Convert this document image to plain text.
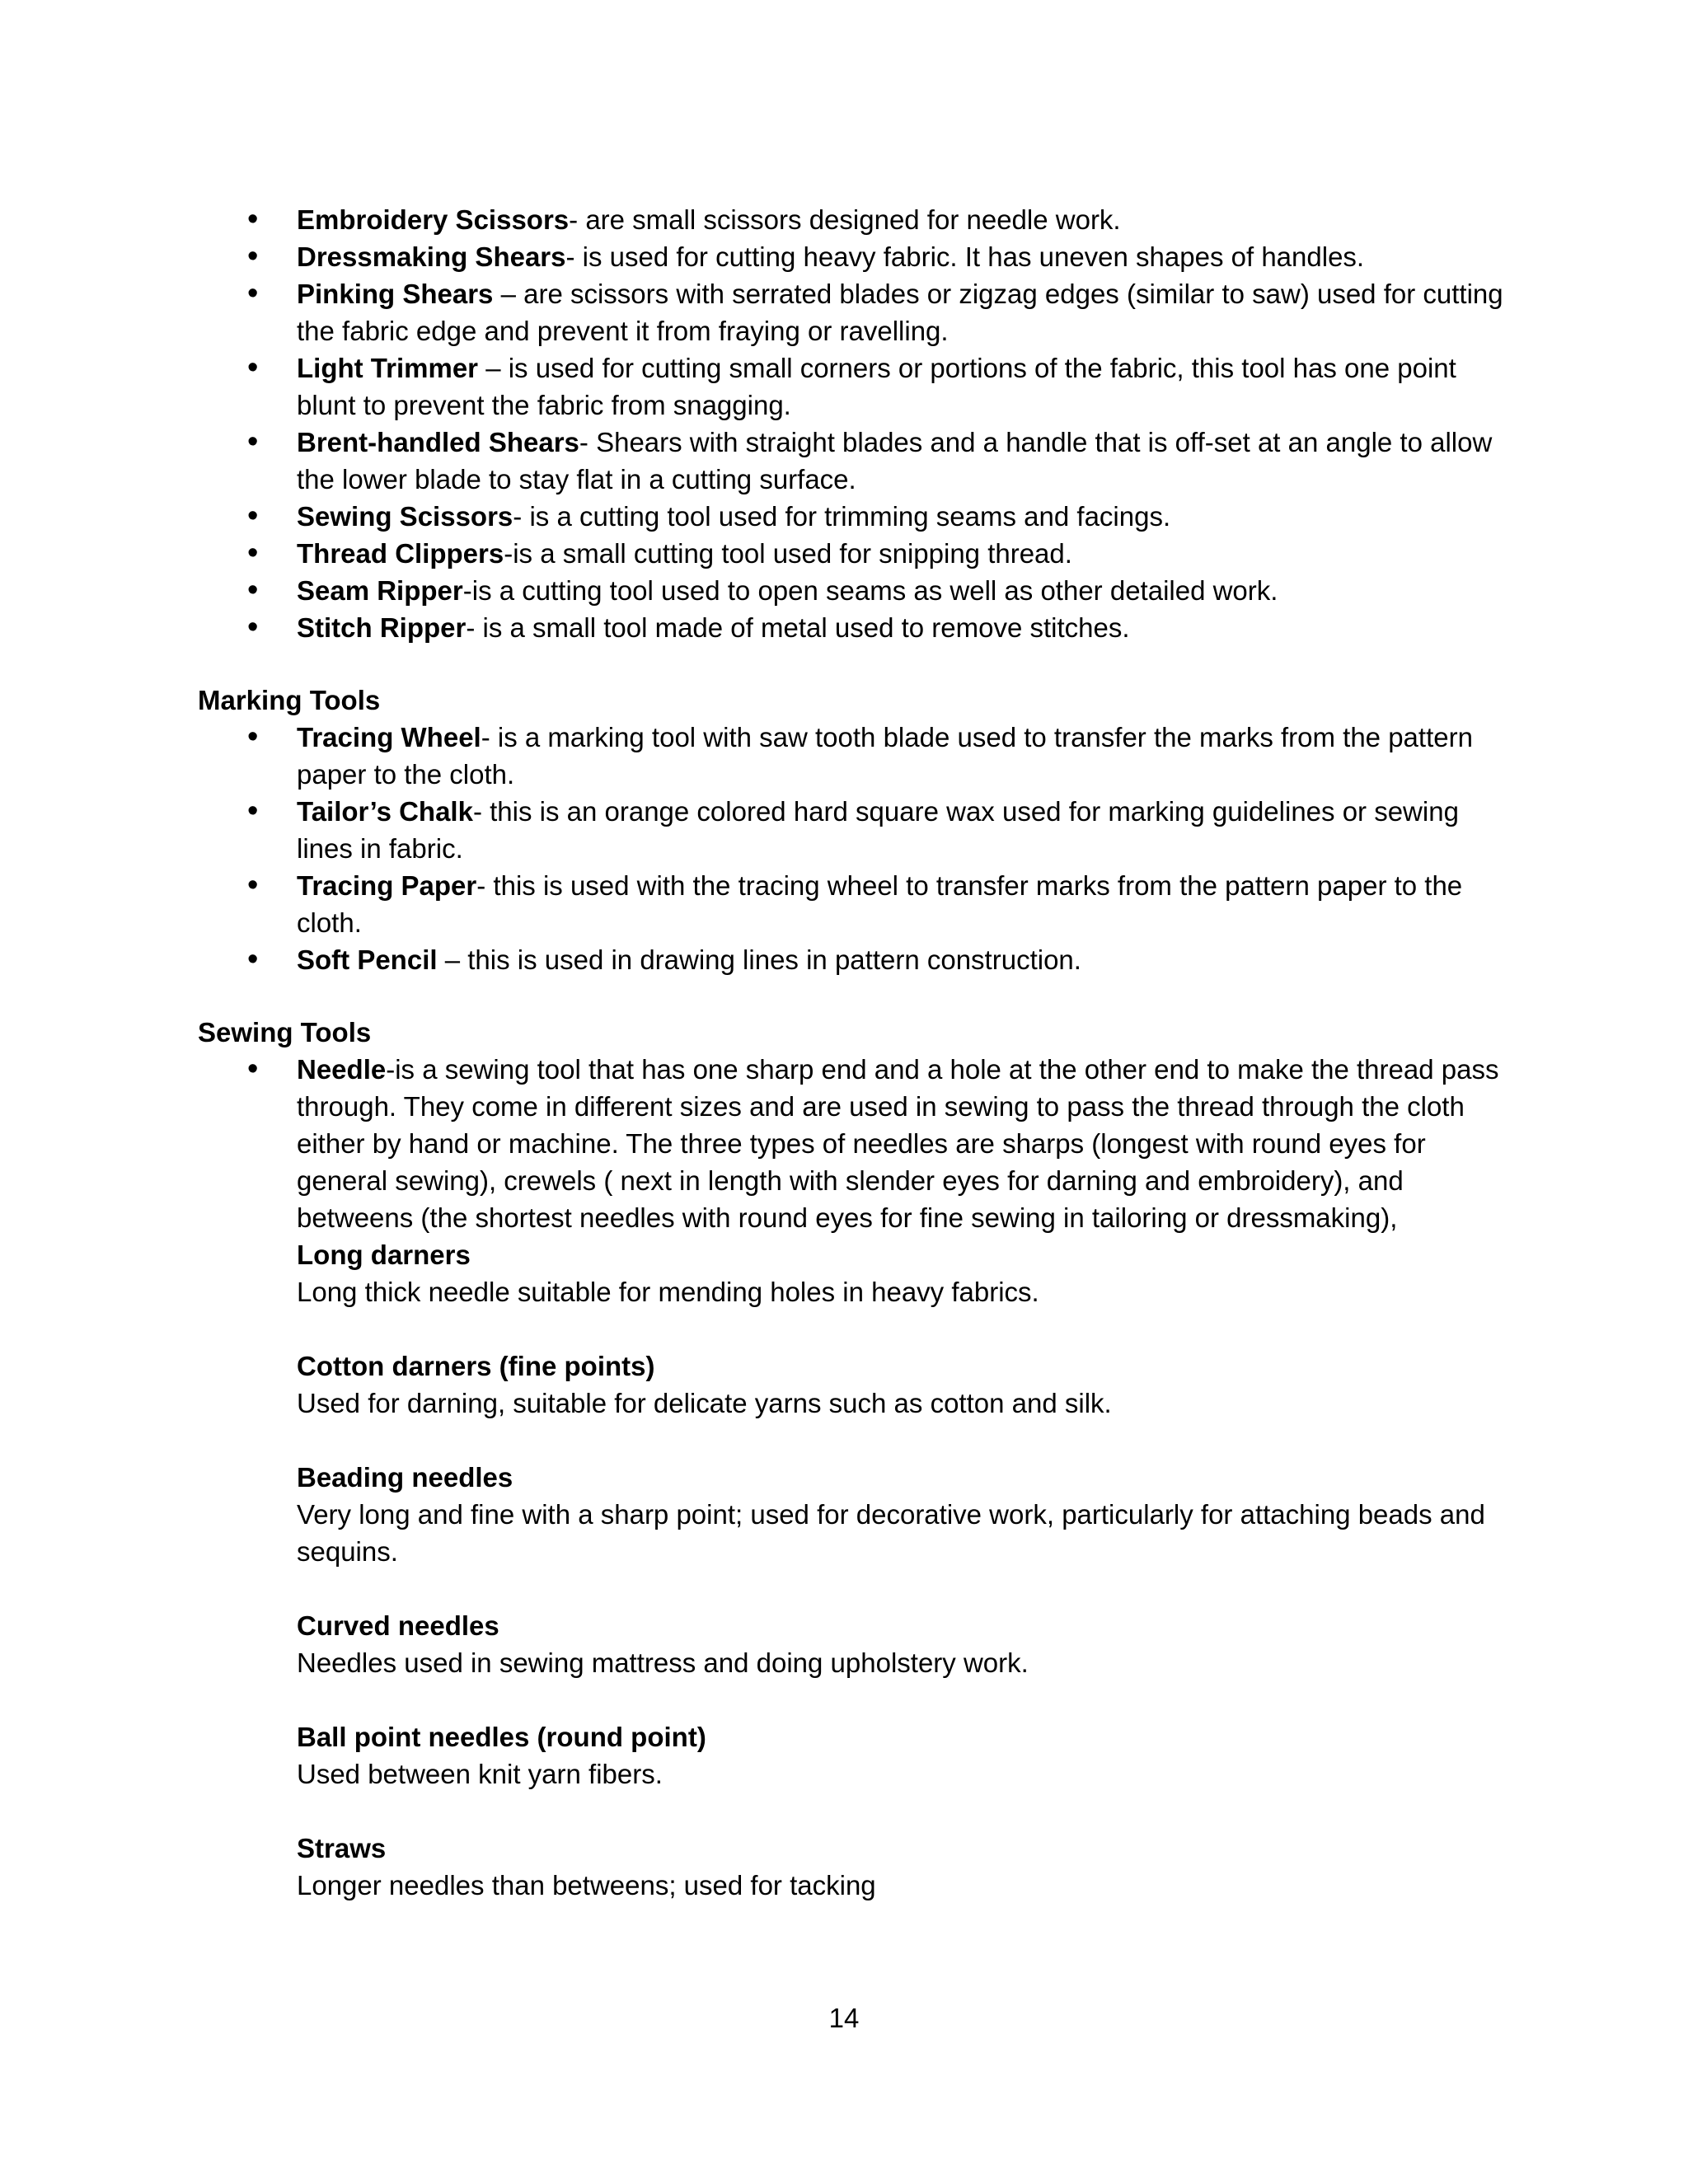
• Embroidery Scissors- are small scissors designed for needle work.
• Dressmaking Shears- is used for cutting heavy fabric. It has uneven shapes of handles.
• Pinking Shears – are scissors with serrated blades or zigzag edges (similar to saw) used for cutting the fabric edge and prevent it from fraying or ravelling.
• Light Trimmer – is used for cutting small corners or portions of the fabric, this tool has one point blunt to prevent the fabric from snagging.
• Brent-handled Shears- Shears with straight blades and a handle that is off-set at an angle to allow the lower blade to stay flat in a cutting surface.
• Sewing Scissors- is a cutting tool used for trimming seams and facings.
• Thread Clippers-is a small cutting tool used for snipping thread.
• Seam Ripper-is a cutting tool used to open seams as well as other detailed work.
• Stitch Ripper- is a small tool made of metal used to remove stitches.
Marking Tools
• Tracing Wheel- is a marking tool with saw tooth blade used to transfer the marks from the pattern paper to the cloth.
• Tailor’s Chalk- this is an orange colored hard square wax used for marking guidelines or sewing lines in fabric.
• Tracing Paper- this is used with the tracing wheel to transfer marks from the pattern paper to the cloth.
• Soft Pencil – this is used in drawing lines in pattern construction.
Sewing Tools
• Needle-is a sewing tool that has one sharp end and a hole at the other end to make the thread pass through. They come in different sizes and are used in sewing to pass the thread through the cloth either by hand or machine. The three types of needles are sharps (longest with round eyes for general sewing), crewels ( next in length with slender eyes for darning and embroidery), and betweens (the shortest needles with round eyes for fine sewing in tailoring or dressmaking),
Long darners
Long thick needle suitable for mending holes in heavy fabrics.
Cotton darners (fine points)
Used for darning, suitable for delicate yarns such as cotton and silk.
Beading needles
Very long and fine with a sharp point; used for decorative work, particularly for attaching beads and sequins.
Curved needles
Needles used in sewing mattress and doing upholstery work.
Ball point needles (round point)
Used between knit yarn fibers.
Straws
Longer needles than betweens; used for tacking
14
